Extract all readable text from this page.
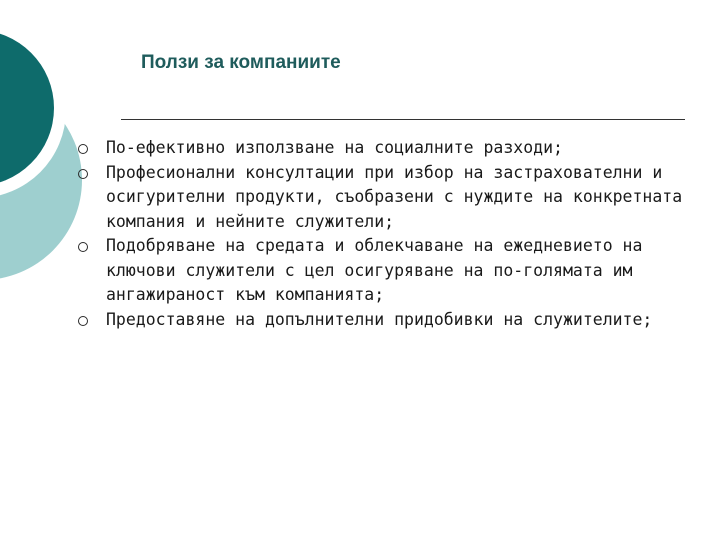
Ползи за компаниите
По-ефективно използване на социалните разходи;
Професионални консултации при избор на застрахователни и осигурителни продукти, съобразени с нуждите на конкретната компания и нейните служители;
Подобряване на средата и облекчаване на ежедневието на ключови служители с цел осигуряване на по-голямата им ангажираност към компанията;
Предоставяне на допълнителни придобивки на служителите;
